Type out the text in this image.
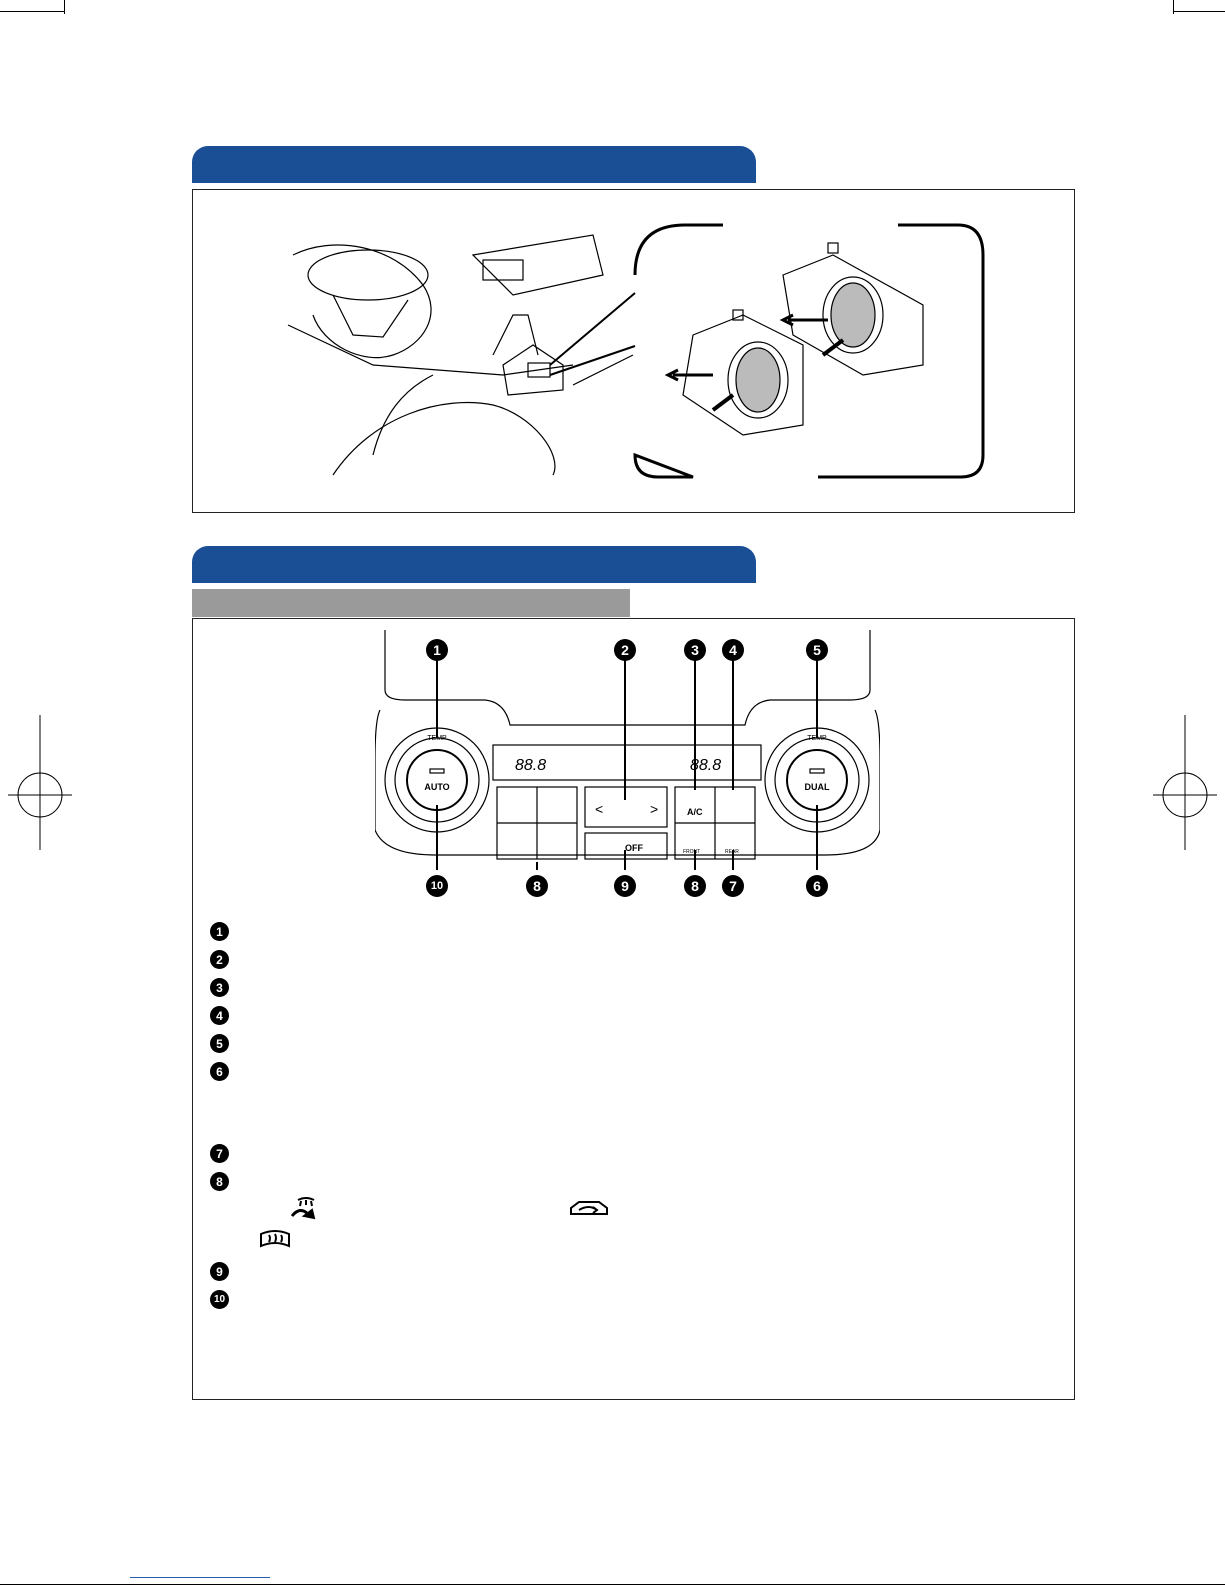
TEMP
AUTO
TEMP
DUAL
88.8	88.8
<	>
OFF
A/C
FRONT	REAR
1	2	3	4	5
10	8	9	8	7	6
1
2
3
4
5
6
7
8
9
10
